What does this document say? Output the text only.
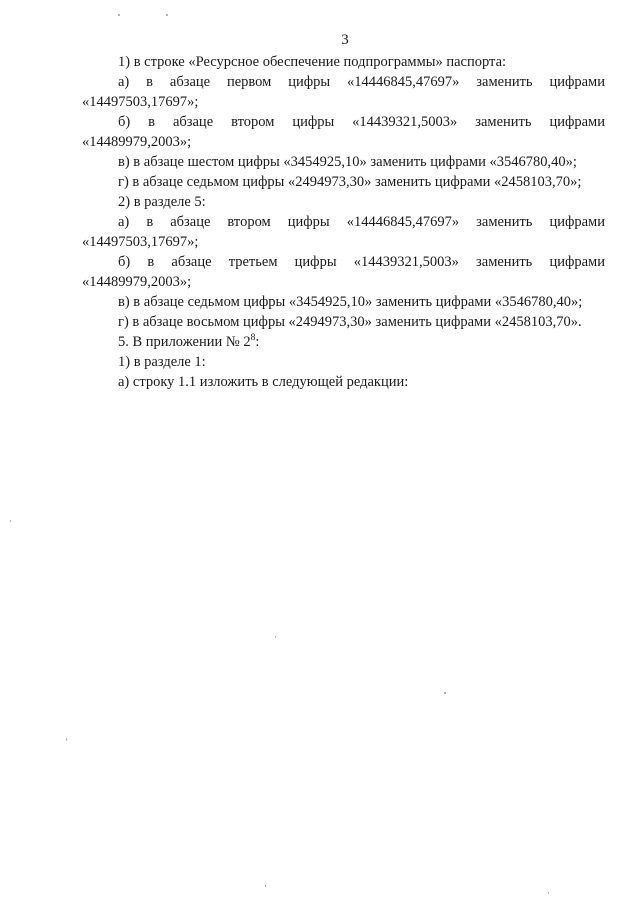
3
1) в строке «Ресурсное обеспечение подпрограммы» паспорта:
а) в абзаце первом цифры «14446845,47697» заменить цифрами
«14497503,17697»;
б) в абзаце втором цифры «14439321,5003» заменить цифрами
«14489979,2003»;
в) в абзаце шестом цифры «3454925,10» заменить цифрами «3546780,40»;
г) в абзаце седьмом цифры «2494973,30» заменить цифрами «2458103,70»;
2) в разделе 5:
а) в абзаце втором цифры «14446845,47697» заменить цифрами
«14497503,17697»;
б) в абзаце третьем цифры «14439321,5003» заменить цифрами
«14489979,2003»;
в) в абзаце седьмом цифры «3454925,10» заменить цифрами «3546780,40»;
г) в абзаце восьмом цифры «2494973,30» заменить цифрами «2458103,70».
5. В приложении № $2^8$:
1) в разделе 1:
а) строку 1.1 изложить в следующей редакции:
